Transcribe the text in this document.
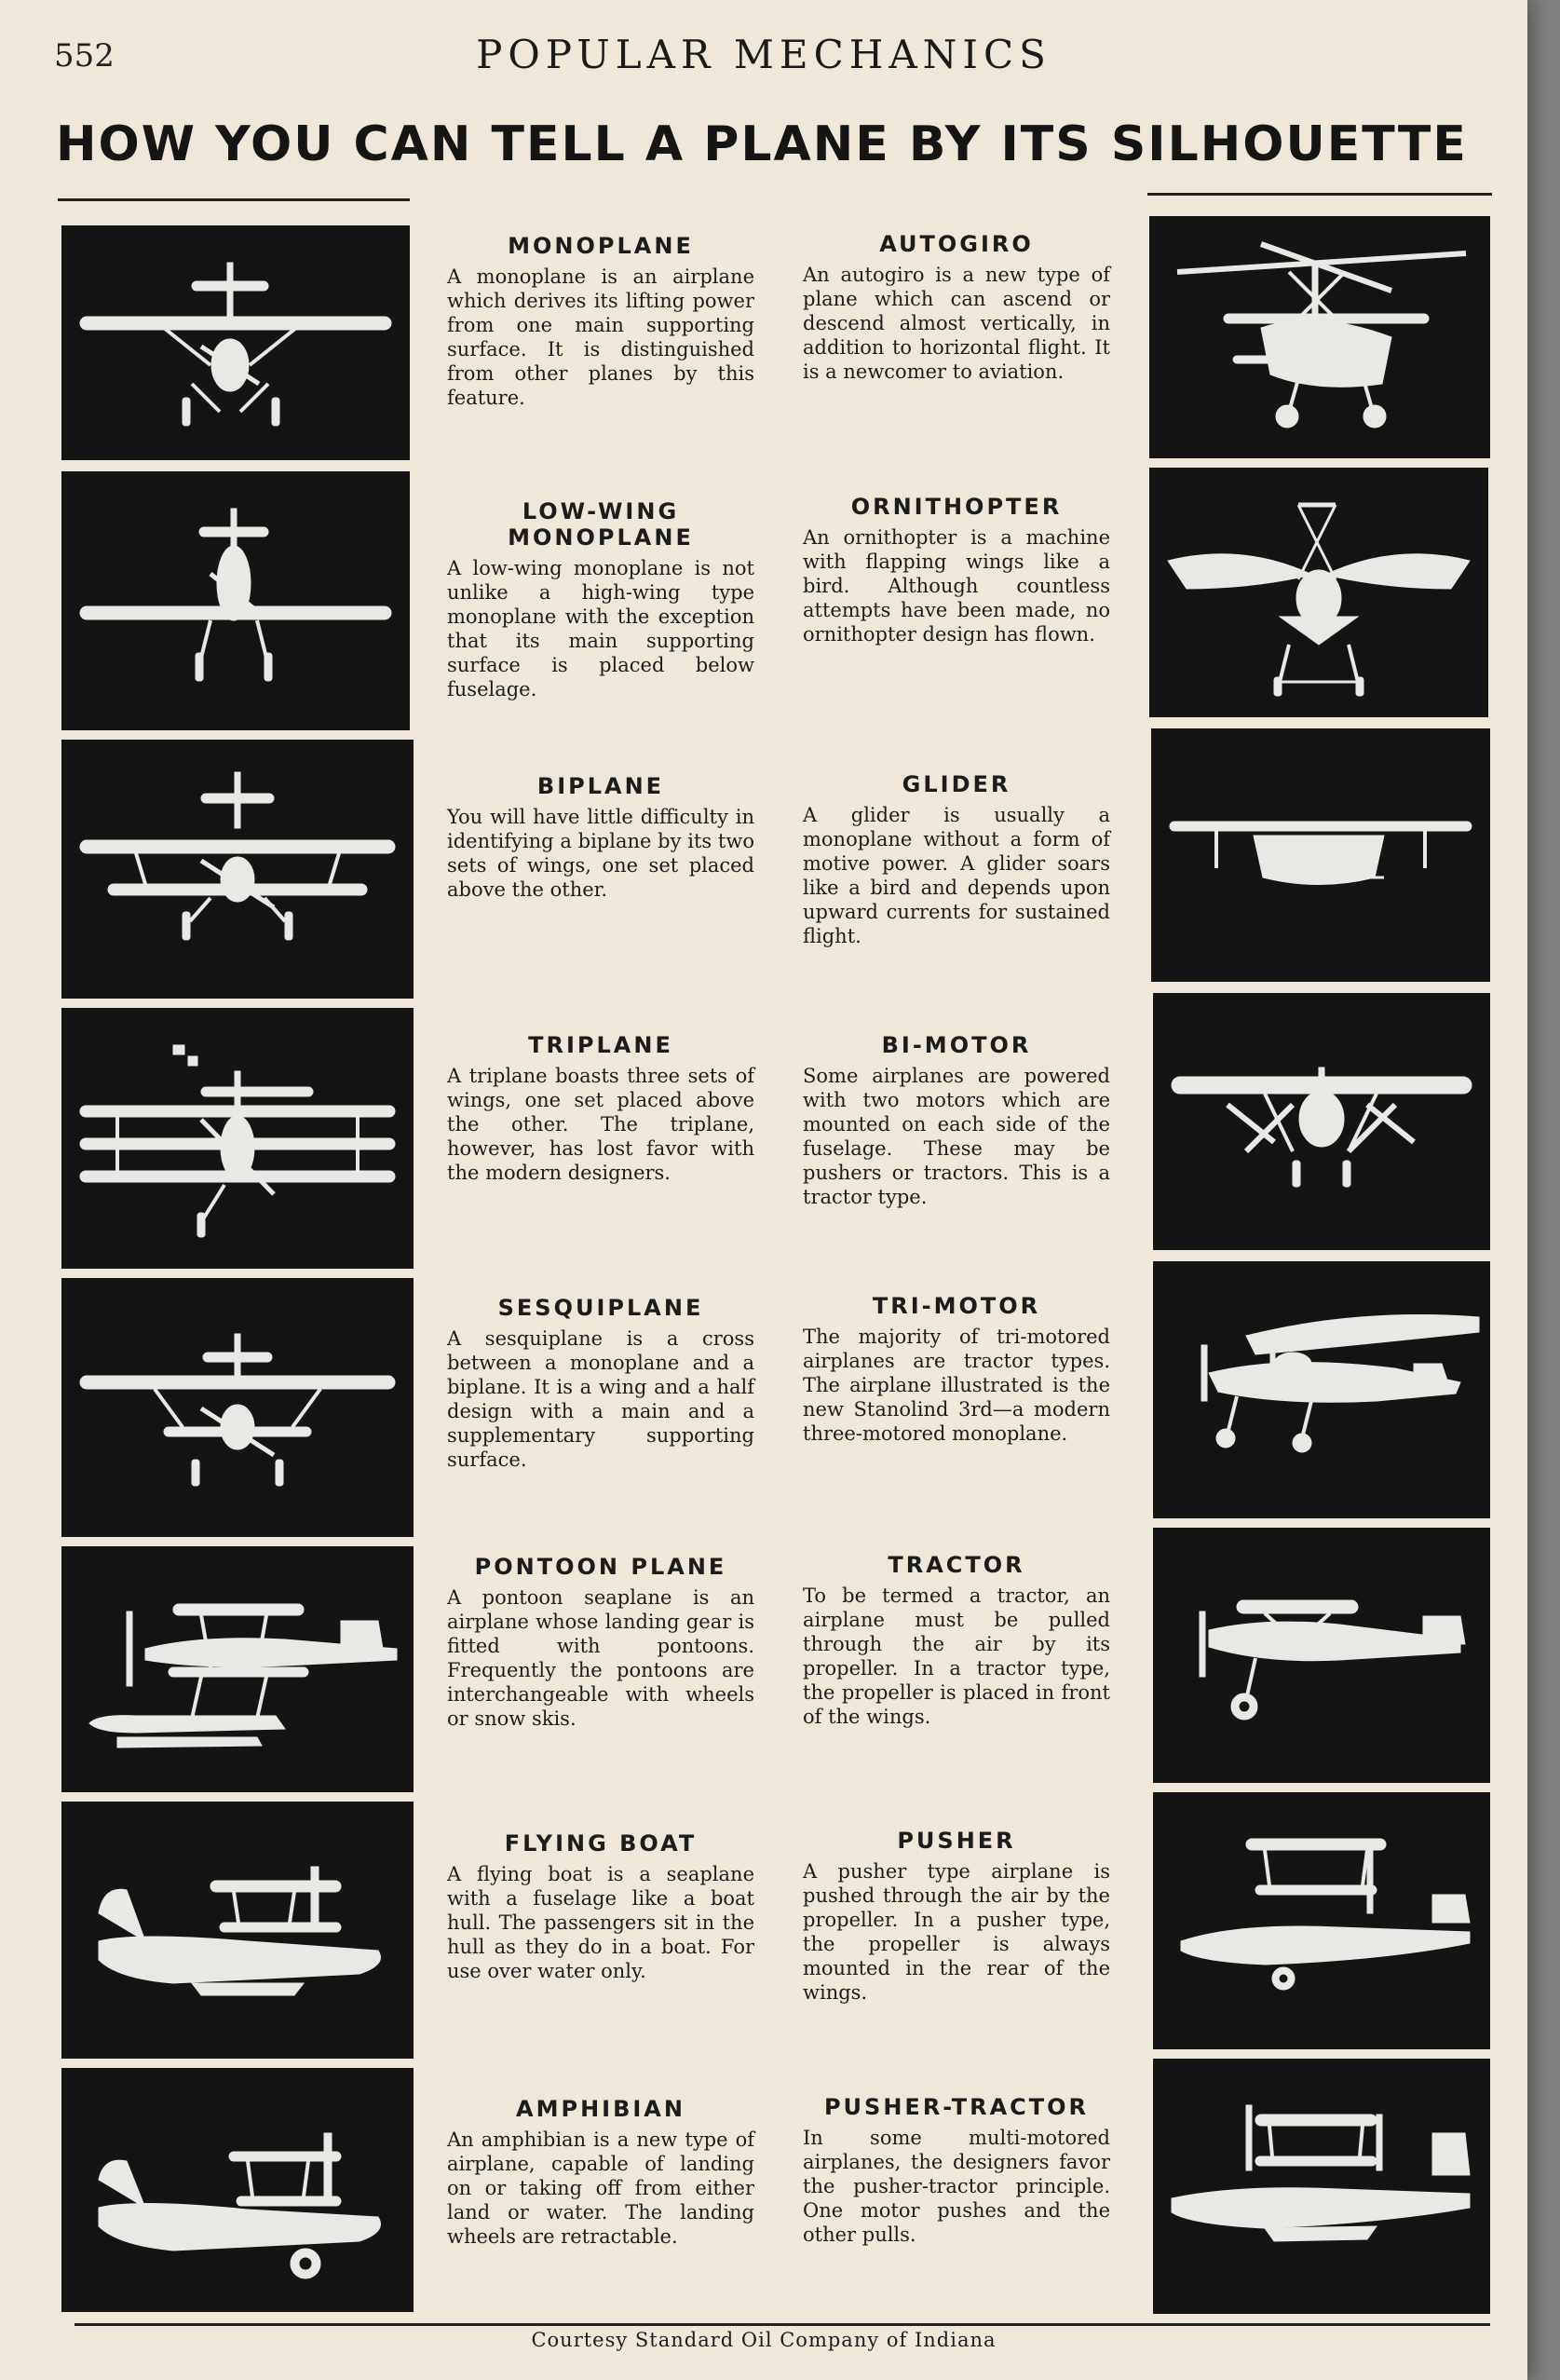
552	POPULAR MECHANICS
HOW YOU CAN TELL A PLANE BY ITS SILHOUETTE
MONOPLANE

A monoplane is an airplane which derives its lifting power from one main supporting surface. It is distinguished from other planes by this feature.

LOW-WING MONOPLANE

A low-wing monoplane is not unlike a high-wing type monoplane with the exception that its main supporting surface is placed below fuselage.

BIPLANE

You will have little difficulty in identifying a biplane by its two sets of wings, one set placed above the other.

TRIPLANE

A triplane boasts three sets of wings, one set placed above the other. The triplane, however, has lost favor with the modern designers.

SESQUIPLANE

A sesquiplane is a cross between a monoplane and a biplane. It is a wing and a half design with a main and a supplementary supporting surface.

PONTOON PLANE

A pontoon seaplane is an airplane whose landing gear is fitted with pontoons. Frequently the pontoons are interchangeable with wheels or snow skis.

FLYING BOAT

A flying boat is a seaplane with a fuselage like a boat hull. The passengers sit in the hull as they do in a boat. For use over water only.

AMPHIBIAN

An amphibian is a new type of airplane, capable of landing on or taking off from either land or water. The landing wheels are retractable.

AUTOGIRO

An autogiro is a new type of plane which can ascend or descend almost vertically, in addition to horizontal flight. It is a newcomer to aviation.

ORNITHOPTER

An ornithopter is a machine with flapping wings like a bird. Although countless attempts have been made, no ornithopter design has flown.

GLIDER

A glider is usually a monoplane without a form of motive power. A glider soars like a bird and depends upon upward currents for sustained flight.

BI-MOTOR

Some airplanes are powered with two motors which are mounted on each side of the fuselage. These may be pushers or tractors. This is a tractor type.

TRI-MOTOR

The majority of tri-motored airplanes are tractor types. The airplane illustrated is the new Stanolind 3rd—a modern three-motored monoplane.

TRACTOR

To be termed a tractor, an airplane must be pulled through the air by its propeller. In a tractor type, the propeller is placed in front of the wings.

PUSHER

A pusher type airplane is pushed through the air by the propeller. In a pusher type, the propeller is always mounted in the rear of the wings.

PUSHER-TRACTOR

In some multi-motored airplanes, the designers favor the pusher-tractor principle. One motor pushes and the other pulls.

Courtesy Standard Oil Company of Indiana
